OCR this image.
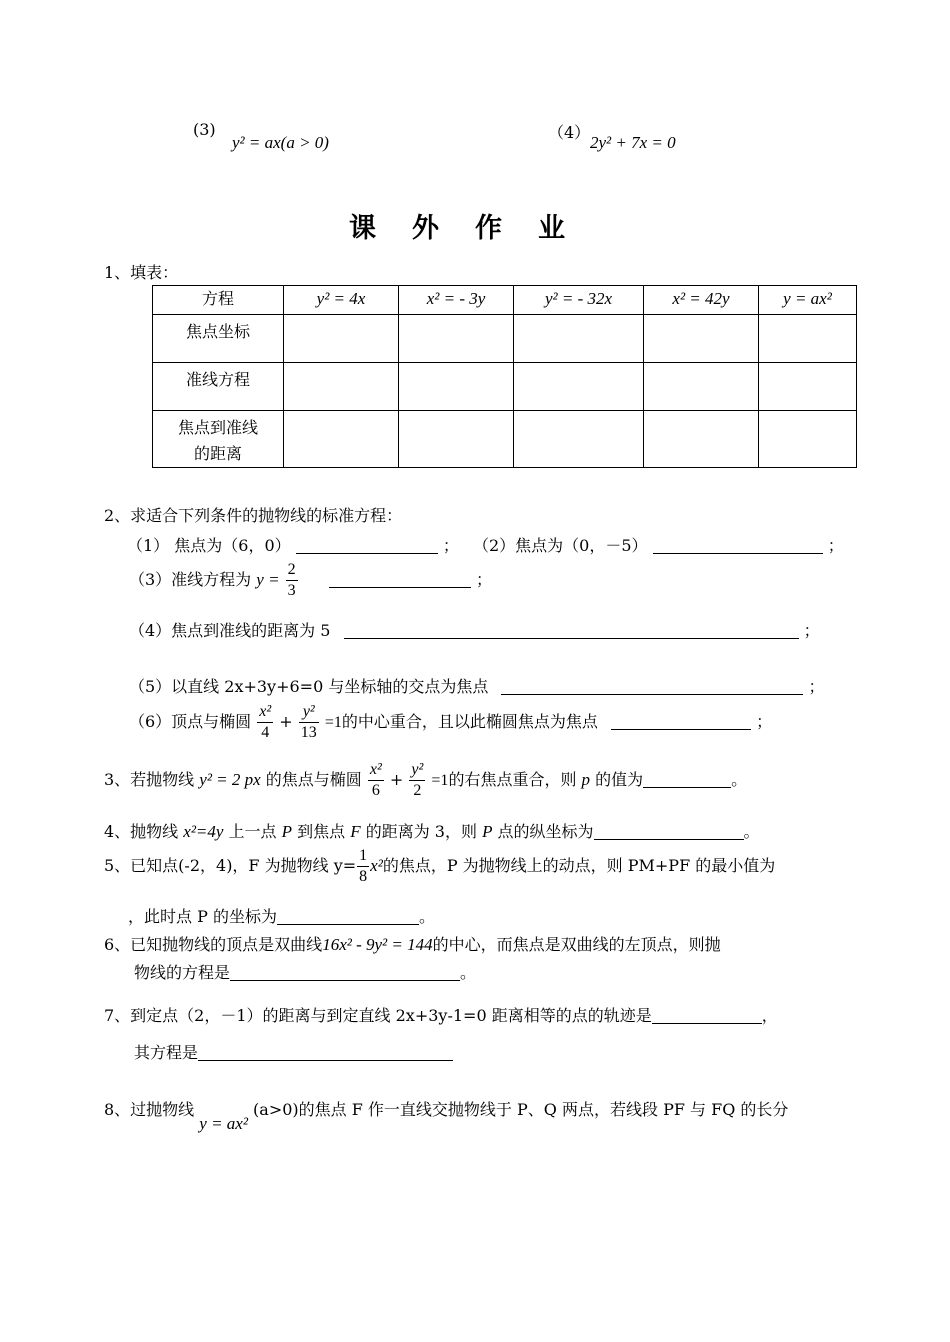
(3)
y² = ax(a > 0)
（4）
2y² + 7x = 0
课外作业
1、填表：
方程	y² = 4x	x² = - 3y	y² = - 32x	x² = 42y	y = ax²
焦点坐标					
准线方程					

焦点到准线
的距离					

2、求适合下列条件的抛物线的标准方程：
（1） 焦点为（6，0）	； （2）焦点为（0，－5）	；
（3）准线方程为 $y = \frac{2}{3}$	；
（4）焦点到准线的距离为 5	；
（5）以直线 2x+3y+6=0 与坐标轴的交点为焦点	；
（6）顶点与椭圆 $\frac{\text{x²}}{4} + \frac{\text{y²}}{13} =1$的中心重合，且以此椭圆焦点为焦点	；
3、若抛物线 y² = 2 px 的焦点与椭圆 $\frac{\text{x²}}{6} + \frac{\text{y²}}{2} =1$的右焦点重合，则 p 的值为	。
4、抛物线 x²=4y 上一点 P 到焦点 F 的距离为 3，则 P 点的纵坐标为	。
5、已知点(-2，4)，F 为抛物线 $y= \frac{1}{8} x^2$的焦点，P 为抛物线上的动点，则 PM+PF 的最小值为
，此时点 P 的坐标为	。
6、已知抛物线的顶点是双曲线16x² - 9y² = 144的中心，而焦点是双曲线的左顶点，则抛
物线的方程是	。
7、到定点（2，－1）的距离与到定直线 2x+3y-1=0 距离相等的点的轨迹是	，
其方程是
8、过抛物线 y = ax² (a>0)的焦点 F 作一直线交抛物线于 P、Q 两点，若线段 PF 与 FQ 的长分
